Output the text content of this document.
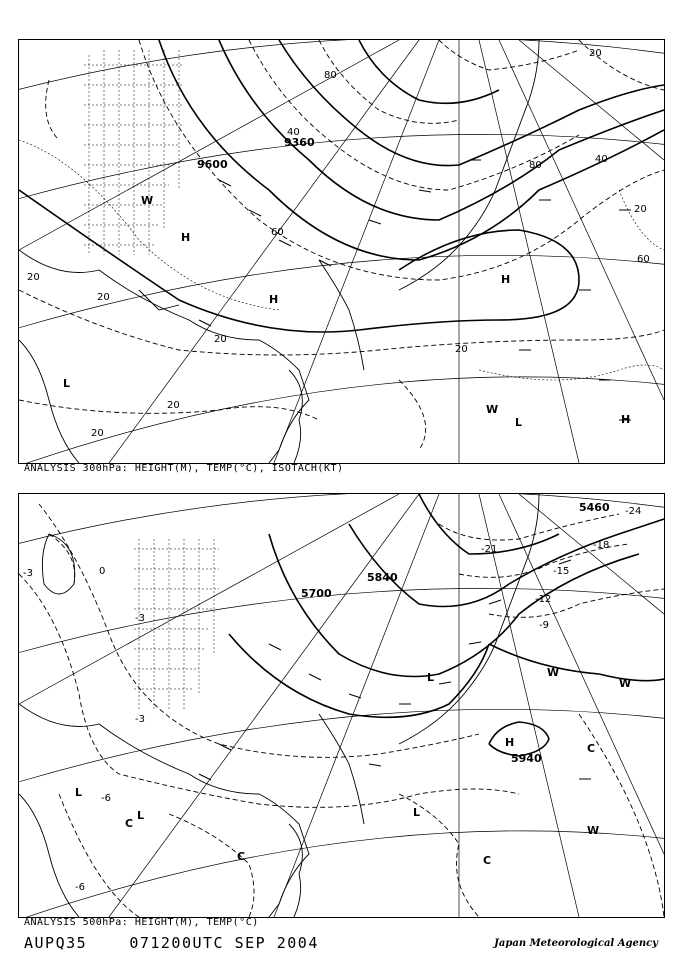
20
80
40
60
20
20
20
20
20
20
40
80
60
20
9360
9600
H
H
H
H
L
L
W
W
ANALYSIS 300hPa: HEIGHT(M), TEMP(°C), ISOTACH(KT)
5460
5700
5840
5940
-24
-21	-18
-15
-12
-9
-6
-3
-3
-6
-3
0
H
L
L
L	L
C
C	C
C
W
W
W
ANALYSIS 500hPa: HEIGHT(M), TEMP(°C)
AUPQ35	071200UTC SEP 2004	Japan Meteorological Agency
